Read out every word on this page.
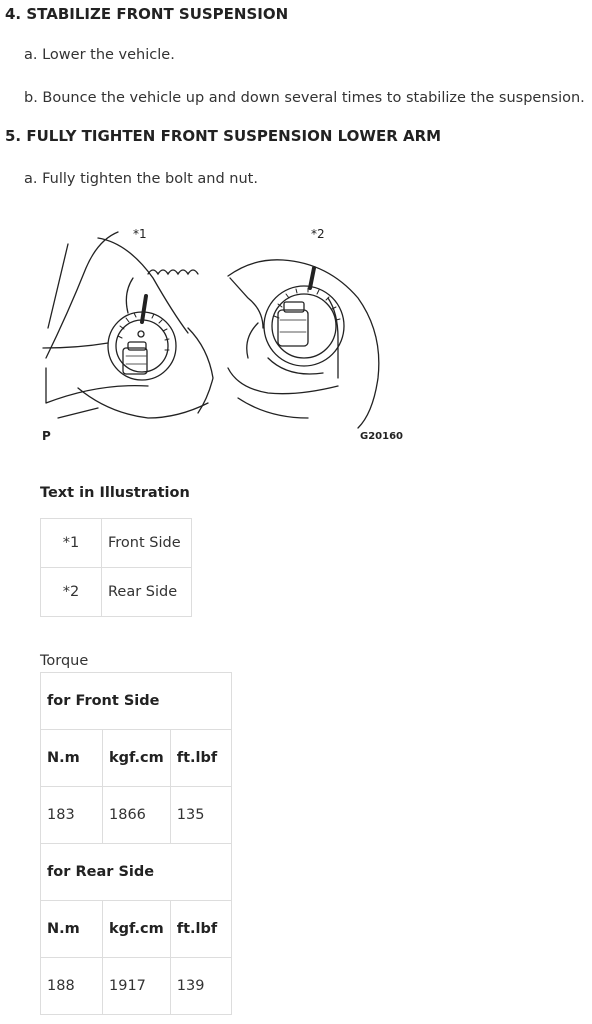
4. STABILIZE FRONT SUSPENSION

a. Lower the vehicle.

b. Bounce the vehicle up and down several times to stabilize the suspension.

5. FULLY TIGHTEN FRONT SUSPENSION LOWER ARM

a. Fully tighten the bolt and nut.

*1	*2
P	G20160
Text in Illustration
*1	Front Side
*2	Rear Side
Torque
for Front Side		
N.m	kgf.cm	ft.lbf
183	1866	135
for Rear Side		
N.m	kgf.cm	ft.lbf
188	1917	139
